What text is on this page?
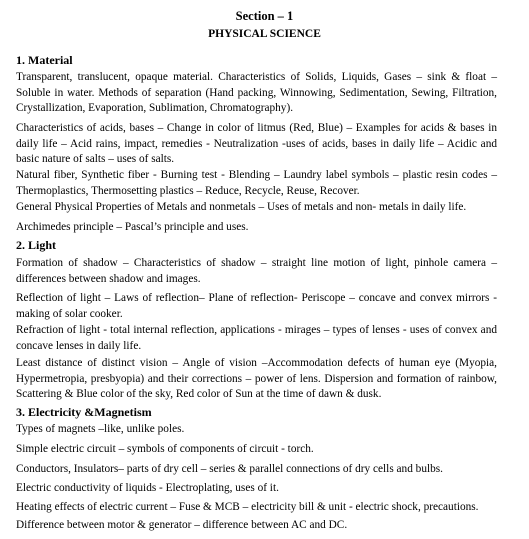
Section – 1
PHYSICAL SCIENCE
1. Material
Transparent, translucent, opaque material. Characteristics of Solids, Liquids, Gases – sink & float – Soluble in water. Methods of separation (Hand packing, Winnowing, Sedimentation, Sewing, Filtration, Crystallization, Evaporation, Sublimation, Chromatography).
Characteristics of acids, bases – Change in color of litmus (Red, Blue) – Examples for acids & bases in daily life – Acid rains, impact, remedies - Neutralization -uses of acids, bases in daily life – Acidic and basic nature of salts – uses of salts.
Natural fiber, Synthetic fiber - Burning test - Blending – Laundry label symbols – plastic resin codes – Thermoplastics, Thermosetting plastics – Reduce, Recycle, Reuse, Recover.
General Physical Properties of Metals and nonmetals – Uses of metals and non- metals in daily life.
Archimedes principle – Pascal’s principle and uses.
2. Light
Formation of shadow – Characteristics of shadow – straight line motion of light, pinhole camera – differences between shadow and images.
Reflection of light – Laws of reflection– Plane of reflection- Periscope – concave and convex mirrors - making of solar cooker.
Refraction of light - total internal reflection, applications - mirages – types of lenses - uses of convex and concave lenses in daily life.
Least distance of distinct vision – Angle of vision –Accommodation defects of human eye (Myopia, Hypermetropia, presbyopia) and their corrections – power of lens. Dispersion and formation of rainbow, Scattering & Blue color of the sky, Red color of Sun at the time of dawn & dusk.
3. Electricity &Magnetism
Types of magnets –like, unlike poles.
Simple electric circuit – symbols of components of circuit - torch.
Conductors, Insulators– parts of dry cell – series & parallel connections of dry cells and bulbs.
Electric conductivity of liquids - Electroplating, uses of it.
Heating effects of electric current – Fuse & MCB – electricity bill & unit - electric shock, precautions.
Difference between motor & generator – difference between AC and DC.
